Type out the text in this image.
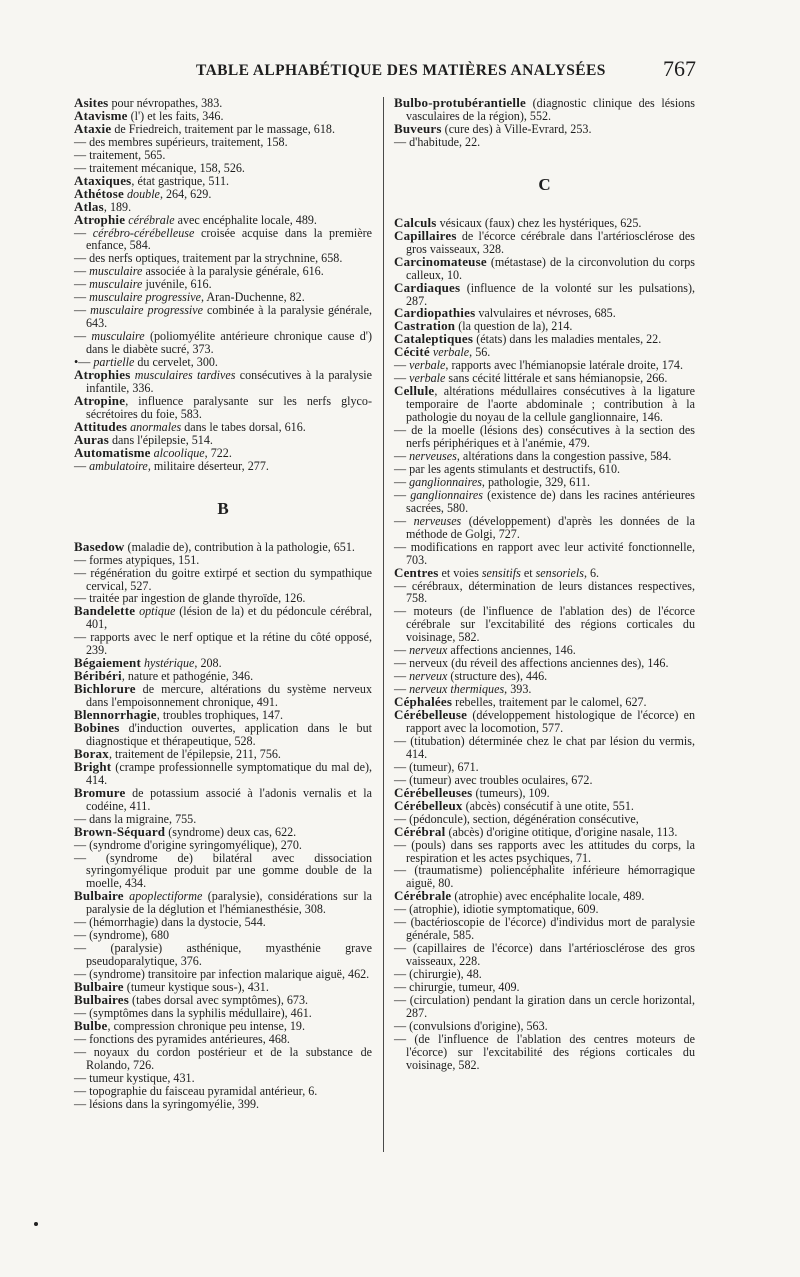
TABLE ALPHABÉTIQUE DES MATIÈRES ANALYSÉES	767

Asites pour névropathes, 383.

Atavisme (l') et les faits, 346.

Ataxie de Friedreich, traitement par le massage, 618.

— des membres supérieurs, traitement, 158.

— traitement, 565.

— traitement mécanique, 158, 526.

Ataxiques, état gastrique, 511.

Athétose double, 264, 629.

Atlas, 189.

Atrophie cérébrale avec encéphalite locale, 489.

— cérébro-cérébelleuse croisée acquise dans la première enfance, 584.

— des nerfs optiques, traitement par la strychnine, 658.

— musculaire associée à la paralysie générale, 616.

— musculaire juvénile, 616.

— musculaire progressive, Aran-Duchenne, 82.

— musculaire progressive combinée à la paralysie générale, 643.

— musculaire (poliomyélite antérieure chronique cause d') dans le diabète sucré, 373.

•— partielle du cervelet, 300.

Atrophies musculaires tardives consécutives à la paralysie infantile, 336.

Atropine, influence paralysante sur les nerfs glyco-sécrétoires du foie, 583.

Attitudes anormales dans le tabes dorsal, 616.

Auras dans l'épilepsie, 514.

Automatisme alcoolique, 722.

— ambulatoire, militaire déserteur, 277.

B

Basedow (maladie de), contribution à la pathologie, 651.

— formes atypiques, 151.

— régénération du goitre extirpé et section du sympathique cervical, 527.

— traitée par ingestion de glande thyroïde, 126.

Bandelette optique (lésion de la) et du pédoncule cérébral, 401,

— rapports avec le nerf optique et la rétine du côté opposé, 239.

Bégaiement hystérique, 208.

Béribéri, nature et pathogénie, 346.

Bichlorure de mercure, altérations du système nerveux dans l'empoisonnement chronique, 491.

Blennorrhagie, troubles trophiques, 147.

Bobines d'induction ouvertes, application dans le but diagnostique et thérapeutique, 528.

Borax, traitement de l'épilepsie, 211, 756.

Bright (crampe professionnelle symptomatique du mal de), 414.

Bromure de potassium associé à l'adonis vernalis et la codéine, 411.

— dans la migraine, 755.

Brown-Séquard (syndrome) deux cas, 622.

— (syndrome d'origine syringomyélique), 270.

— (syndrome de) bilatéral avec dissociation syringomyélique produit par une gomme double de la moelle, 434.

Bulbaire apoplectiforme (paralysie), considérations sur la paralysie de la déglution et l'hémianesthésie, 308.

— (hémorrhagie) dans la dystocie, 544.

— (syndrome), 680

— (paralysie) asthénique, myasthénie grave pseudoparalytique, 376.

— (syndrome) transitoire par infection malarique aiguë, 462.

Bulbaire (tumeur kystique sous-), 431.

Bulbaires (tabes dorsal avec symptômes), 673.

— (symptômes dans la syphilis médullaire), 461.

Bulbe, compression chronique peu intense, 19.

— fonctions des pyramides antérieures, 468.

— noyaux du cordon postérieur et de la substance de Rolando, 726.

— tumeur kystique, 431.

— topographie du faisceau pyramidal antérieur, 6.

— lésions dans la syringomyélie, 399.

Bulbo-protubérantielle (diagnostic clinique des lésions vasculaires de la région), 552.

Buveurs (cure des) à Ville-Evrard, 253.

— d'habitude, 22.

C

Calculs vésicaux (faux) chez les hystériques, 625.

Capillaires de l'écorce cérébrale dans l'artériosclérose des gros vaisseaux, 328.

Carcinomateuse (métastase) de la circonvolution du corps calleux, 10.

Cardiaques (influence de la volonté sur les pulsations), 287.

Cardiopathies valvulaires et névroses, 685.

Castration (la question de la), 214.

Cataleptiques (états) dans les maladies mentales, 22.

Cécité verbale, 56.

— verbale, rapports avec l'hémianopsie latérale droite, 174.

— verbale sans cécité littérale et sans hémianopsie, 266.

Cellule, altérations médullaires consécutives à la ligature temporaire de l'aorte abdominale ; contribution à la pathologie du noyau de la cellule ganglionnaire, 146.

— de la moelle (lésions des) consécutives à la section des nerfs périphériques et à l'anémie, 479.

— nerveuses, altérations dans la congestion passive, 584.

— par les agents stimulants et destructifs, 610.

— ganglionnaires, pathologie, 329, 611.

— ganglionnaires (existence de) dans les racines antérieures sacrées, 580.

— nerveuses (développement) d'après les données de la méthode de Golgi, 727.

— modifications en rapport avec leur activité fonctionnelle, 703.

Centres et voies sensitifs et sensoriels, 6.

— cérébraux, détermination de leurs distances respectives, 758.

— moteurs (de l'influence de l'ablation des) de l'écorce cérébrale sur l'excitabilité des régions corticales du voisinage, 582.

— nerveux affections anciennes, 146.

— nerveux (du réveil des affections anciennes des), 146.

— nerveux (structure des), 446.

— nerveux thermiques, 393.

Céphalées rebelles, traitement par le calomel, 627.

Cérébelleuse (développement histologique de l'écorce) en rapport avec la locomotion, 577.

— (titubation) déterminée chez le chat par lésion du vermis, 414.

— (tumeur), 671.

— (tumeur) avec troubles oculaires, 672.

Cérébelleuses (tumeurs), 109.

Cérébelleux (abcès) consécutif à une otite, 551.

— (pédoncule), section, dégénération consécutive,

Cérébral (abcès) d'origine otitique, d'origine nasale, 113.

— (pouls) dans ses rapports avec les attitudes du corps, la respiration et les actes psychiques, 71.

— (traumatisme) poliencéphalite inférieure hémorragique aiguë, 80.

Cérébrale (atrophie) avec encéphalite locale, 489.

— (atrophie), idiotie symptomatique, 609.

— (bactérioscopie de l'écorce) d'individus mort de paralysie générale, 585.

— (capillaires de l'écorce) dans l'artériosclérose des gros vaisseaux, 228.

— (chirurgie), 48.

— chirurgie, tumeur, 409.

— (circulation) pendant la giration dans un cercle horizontal, 287.

— (convulsions d'origine), 563.

— (de l'influence de l'ablation des centres moteurs de l'écorce) sur l'excitabilité des régions corticales du voisinage, 582.
